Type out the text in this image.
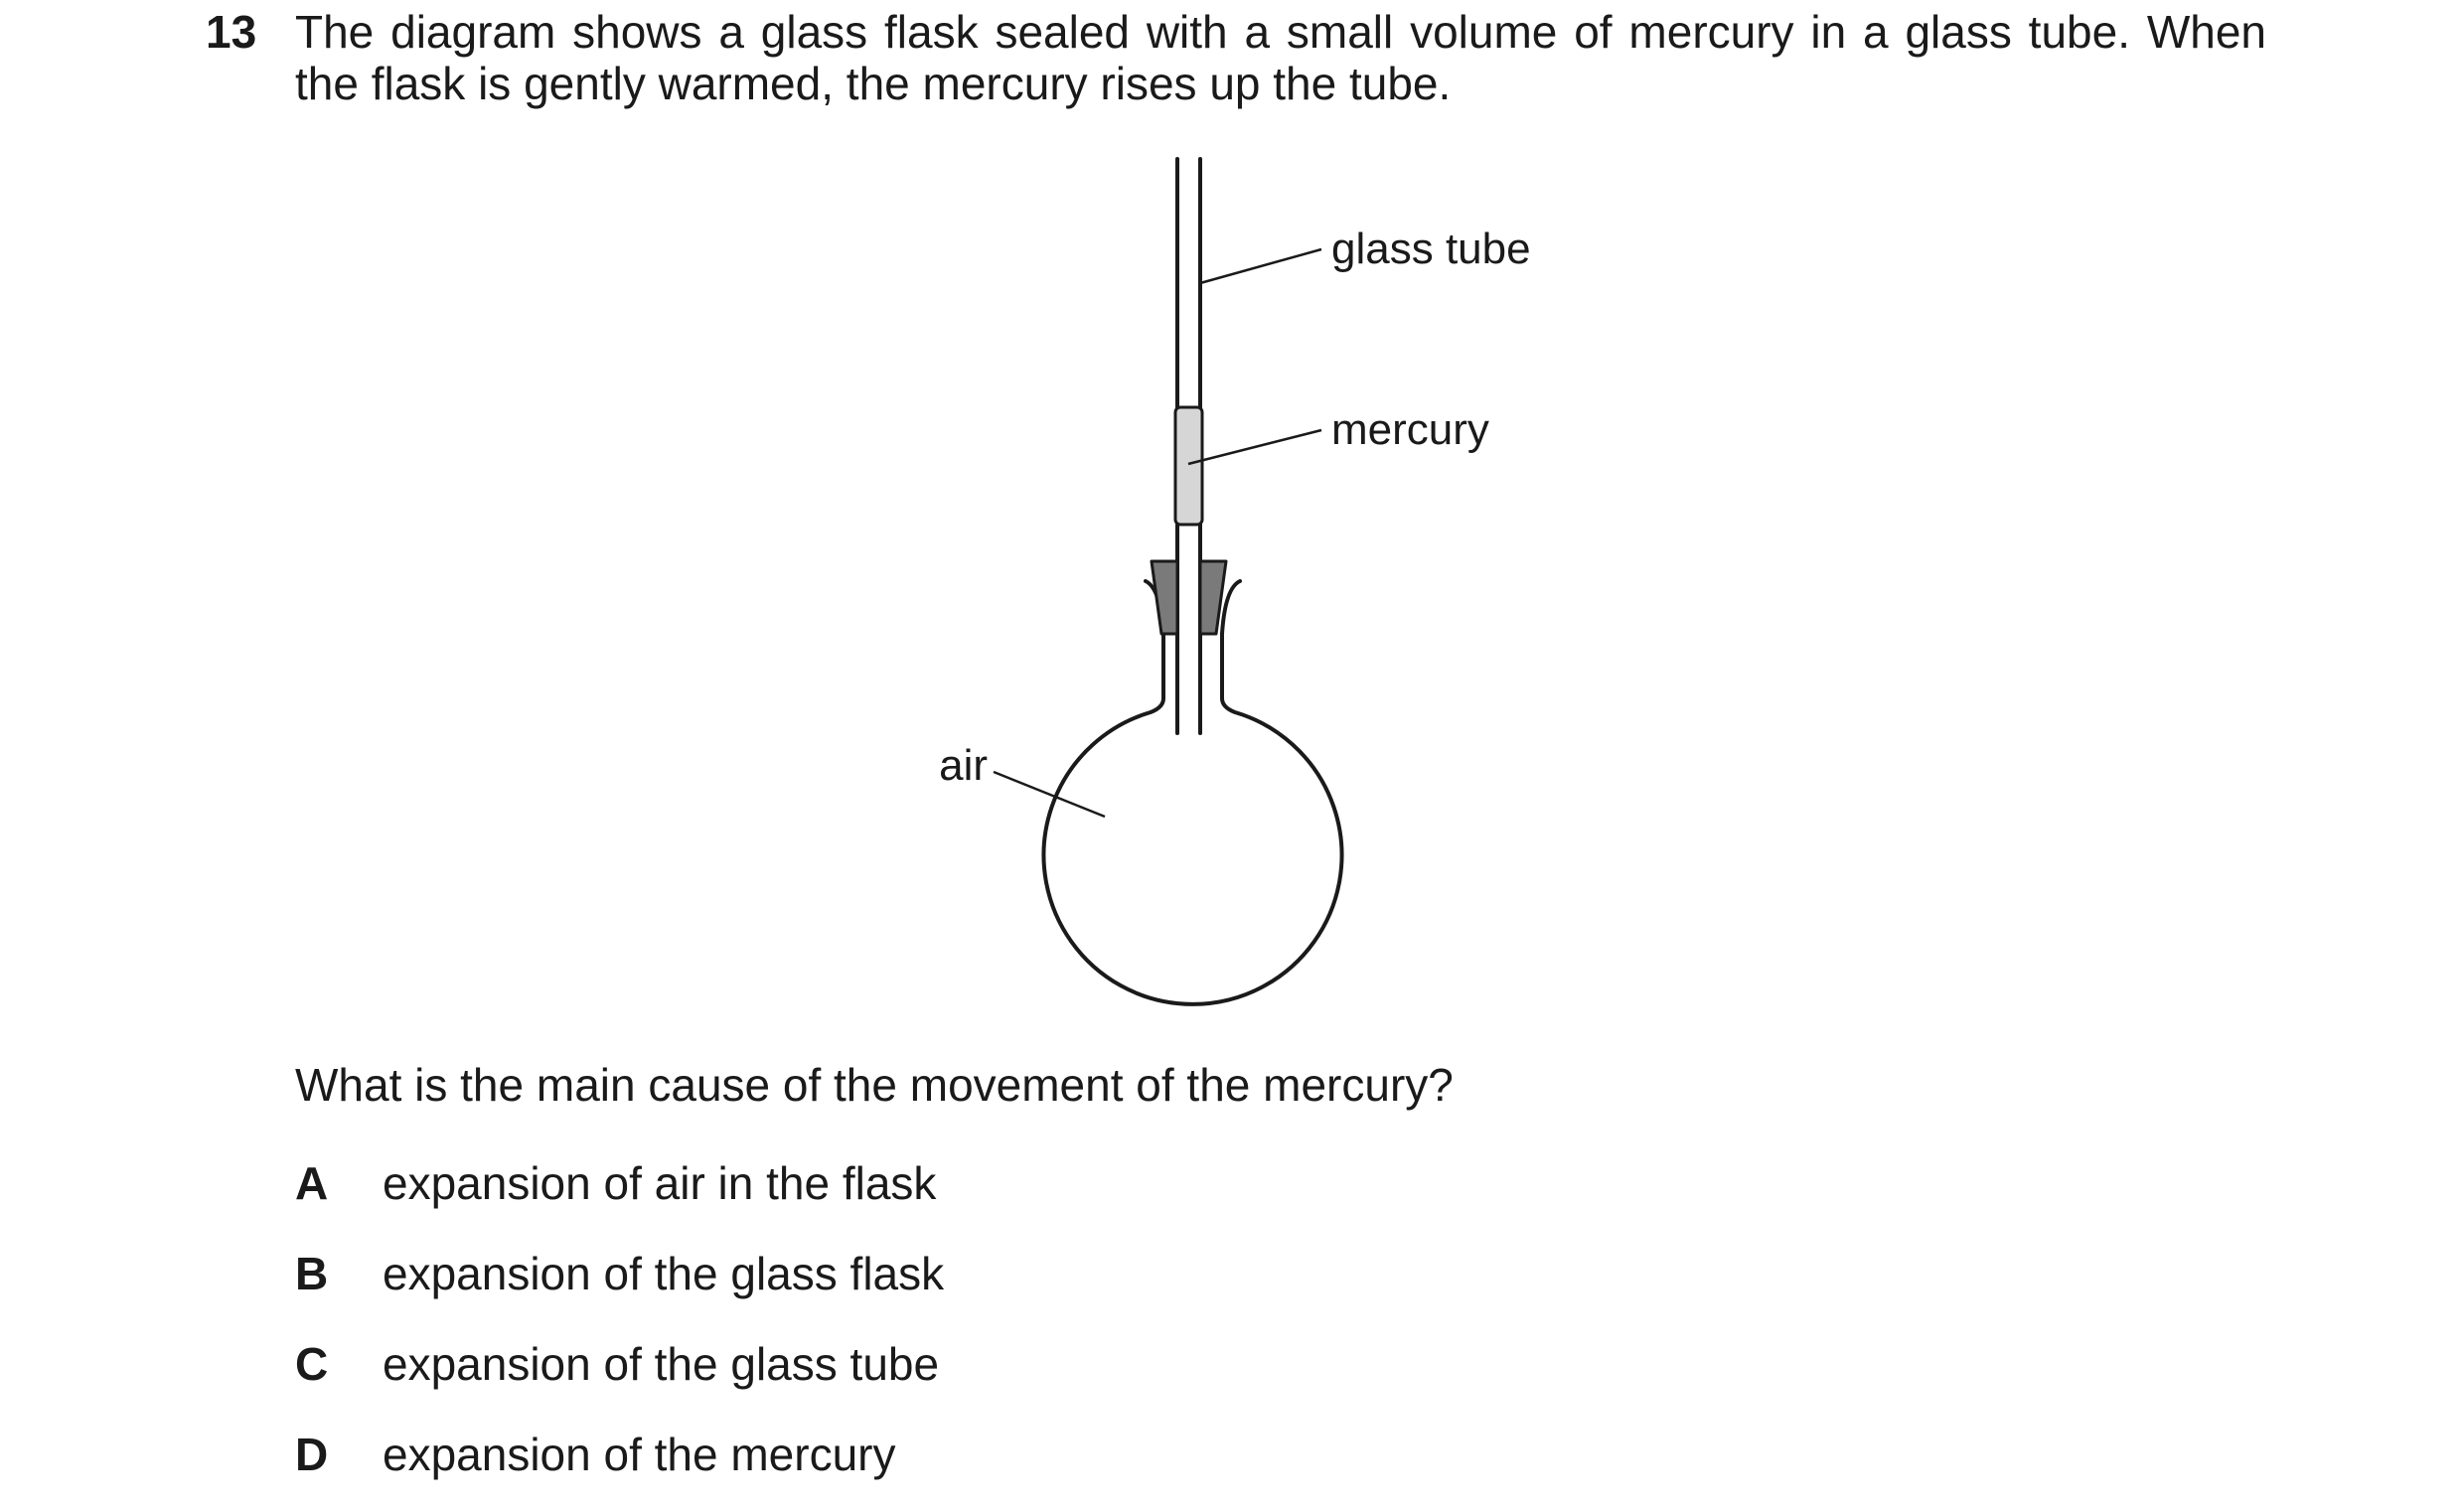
13 The diagram shows a glass flask sealed with a small volume of mercury in a glass tube. When the flask is gently warmed, the mercury rises up the tube.
glass tube
mercury
air
What is the main cause of the movement of the mercury?
A	expansion of air in the flask
B	expansion of the glass flask
C	expansion of the glass tube
D	expansion of the mercury
